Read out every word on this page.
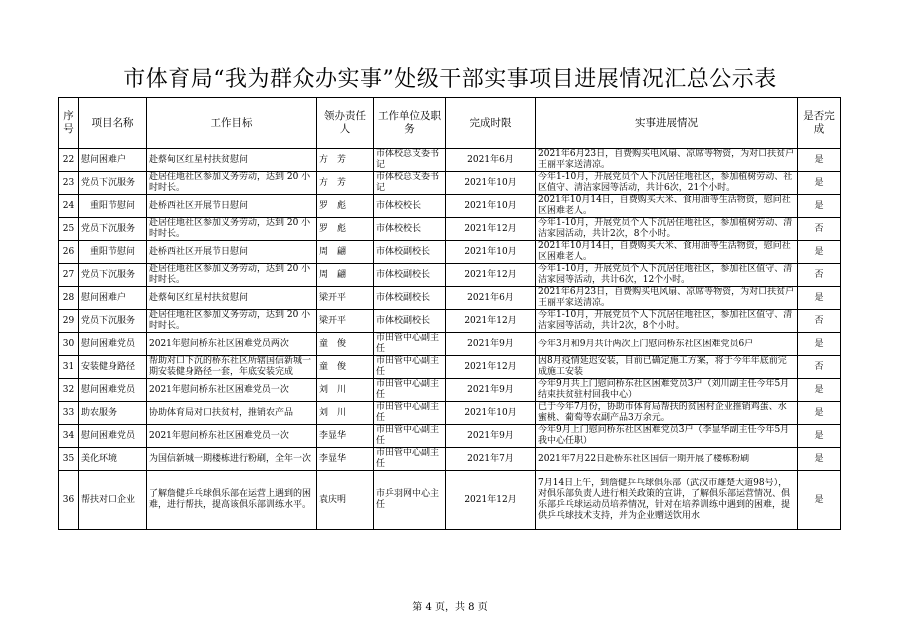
市体育局“我为群众办实事”处级干部实事项目进展情况汇总公示表
序号	项目名称	工作目标	领办责任人	工作单位及职务	完成时限	实事进展情况	是否完成
22	慰问困难户	赴蔡甸区红星村扶贫慰问	方　芳	市体校总支委书记	2021年6月	2021年6月23日，自费购买电风扇、凉席等物资，为对口扶贫户王丽平家送清凉。	是
23	党员下沉服务	赴居住地社区参加义务劳动，达到 20 小时时长。	方　芳	市体校总支委书记	2021年10月	今年1-10月，开展党员个人下沉居住地社区，参加植树劳动、社区值守、清洁家园等活动，共计6次，21个小时。	是
24	重阳节慰问	赴桥西社区开展节日慰问	罗　彪	市体校校长	2021年10月	2021年10月14日，自费购买大米、食用油等生活物资，慰问社区困难老人。	是
25	党员下沉服务	赴居住地社区参加义务劳动，达到 20 小时时长。	罗　彪	市体校校长	2021年12月	今年1-10月，开展党员个人下沉居住地社区，参加植树劳动、清洁家园活动，共计2次，8个小时。	否
26	重阳节慰问	赴桥西社区开展节日慰问	周　翩	市体校副校长	2021年10月	2021年10月14日，自费购买大米、食用油等生活物资，慰问社区困难老人。	是
27	党员下沉服务	赴居住地社区参加义务劳动，达到 20 小时时长。	周　翩	市体校副校长	2021年12月	今年1-10月，开展党员个人下沉居住地社区，参加社区值守、清洁家园等活动，共计6次，12个小时。	否
28	慰问困难户	赴蔡甸区红星村扶贫慰问	梁开平	市体校副校长	2021年6月	2021年6月23日，自费购买电风扇、凉席等物资，为对口扶贫户王丽平家送清凉。	是
29	党员下沉服务	赴居住地社区参加义务劳动，达到 20 小时时长。	梁开平	市体校副校长	2021年12月	今年1-10月，开展党员个人下沉居住地社区，参加社区值守、清洁家园等活动，共计2次，8个小时。	否
30	慰问困难党员	2021年慰问桥东社区困难党员两次	童　俊	市田管中心副主任	2021年9月	今年3月和9月共计两次上门慰问桥东社区困难党员6户	是
31	安装健身路径	帮助对口下沉的桥东社区所辖国信新城一期安装健身路径一套，年底安装完成	童　俊	市田管中心副主任	2021年12月	因8月疫情延迟安装，目前已确定施工方案，将于今年年底前完成施工安装	否
32	慰问困难党员	2021年慰问桥东社区困难党员一次	刘　川	市田管中心副主任	2021年9月	今年9月共上门慰问桥东社区困难党员3户（刘川副主任今年5月结束扶贫驻村回我中心）	是
33	助农服务	协助体育局对口扶贫村，推销农产品	刘　川	市田管中心副主任	2021年10月	已于今年7月份，协助市体育局帮扶的贫困村企业推销鸡蛋、水蜜桃、葡萄等农副产品3万余元。	是
34	慰问困难党员	2021年慰问桥东社区困难党员一次	李显华	市田管中心副主任	2021年9月	今年9月上门慰问桥东社区困难党员3户（李显华副主任今年5月我中心任职）	是
35	美化环境	为国信新城一期楼栋进行粉刷，全年一次	李显华	市田管中心副主任	2021年7月	2021年7月22日赴桥东社区国信一期开展了楼栋粉刷	是
36	帮扶对口企业	了解詹健乒乓球俱乐部在运营上遇到的困难，进行帮扶，提高该俱乐部训练水平。	袁庆明	市乒羽网中心主任	2021年12月	7月14日上午，到詹健乒乓球俱乐部（武汉市雄楚大道98号），对俱乐部负责人进行相关政策的宣讲，了解俱乐部运营情况、俱乐部乒乓球运动员培养情况，针对在培养训练中遇到的困难，提供乒乓球技术支持，并为企业赠送饮用水	是
第 4 页，共 8 页
